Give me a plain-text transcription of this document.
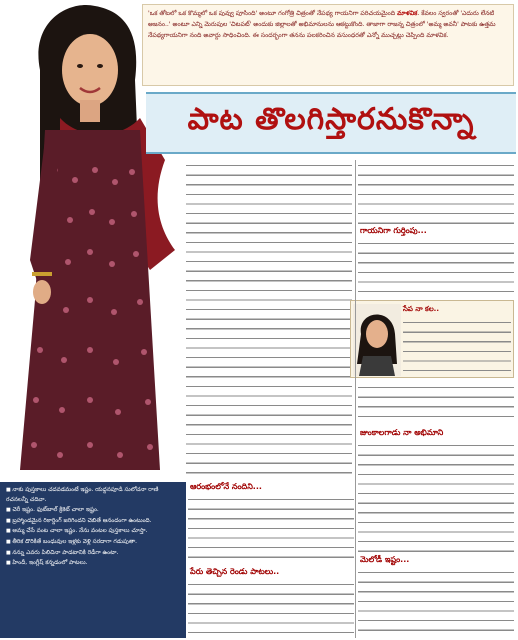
'ఒక తోటలో ఒక కొమ్మలో ఒక పువ్వు పూసింది' అంటూ గంగోత్రి చిత్రంతో నేపథ్య గాయనిగా పరిచయమైంది మాళవిక. కేవలం స్వరంతో 'ఎదురు లేనటి అజనం..' అంటూ ఎన్ని మెరుపుల 'చిటపట్' అందుకు జిల్లాలతో అభిమానులను ఆకట్టుకొంది. తాజాగా రాజన్న చిత్రంలో 'అమ్మ అవనీ' పాటకు ఉత్తమ నేపథ్యగాయనిగా నంది అవార్డు సాధించింది. ఈ సందర్భంగా తనను పలకరించిన వసుంధరతో ఎన్నో ముచ్చట్లు చెప్పింది మాళవిక.
పాట తొలగిస్తారనుకొన్నా
గాయనిగా గుర్తింపు...
సేప నా కల..
జుంకాలగాడు నా అభిమాని
మెలోడీ ఇష్టం...
ఆరంభంలోనే నందిని...
పేరు తెచ్చిన రెండు పాటలు..
■ నాకు పుస్తకాలు చదవడమంటే ఇష్టం. యద్దనపూడి సులోచనా రాణి రచనలన్నీ చదివా.
■ చెరీ ఇష్టం. ఫుట్‌బాల్ క్రికెట్ చాలా ఇష్టం.
■ బ్రహ్మాండమైన రికార్డింగ్ జరిగిందని చెబితే ఆనందంగా ఉంటుంది.
■ అమ్మ చేసే వంట చాలా ఇష్టం. నేను వంటల పుస్తకాలు చూస్తా.
■ తీరిక దొరికితే బంధువుల ఇళ్లకు వెళ్లి సరదాగా గడుపుతా.
■ నన్ను ఎవరు పిలిచినా పాడటానికి రెడీగా ఉంటా.
■ హిందీ, ఇంగ్లీష్ కన్నడంలో పాటలు.
